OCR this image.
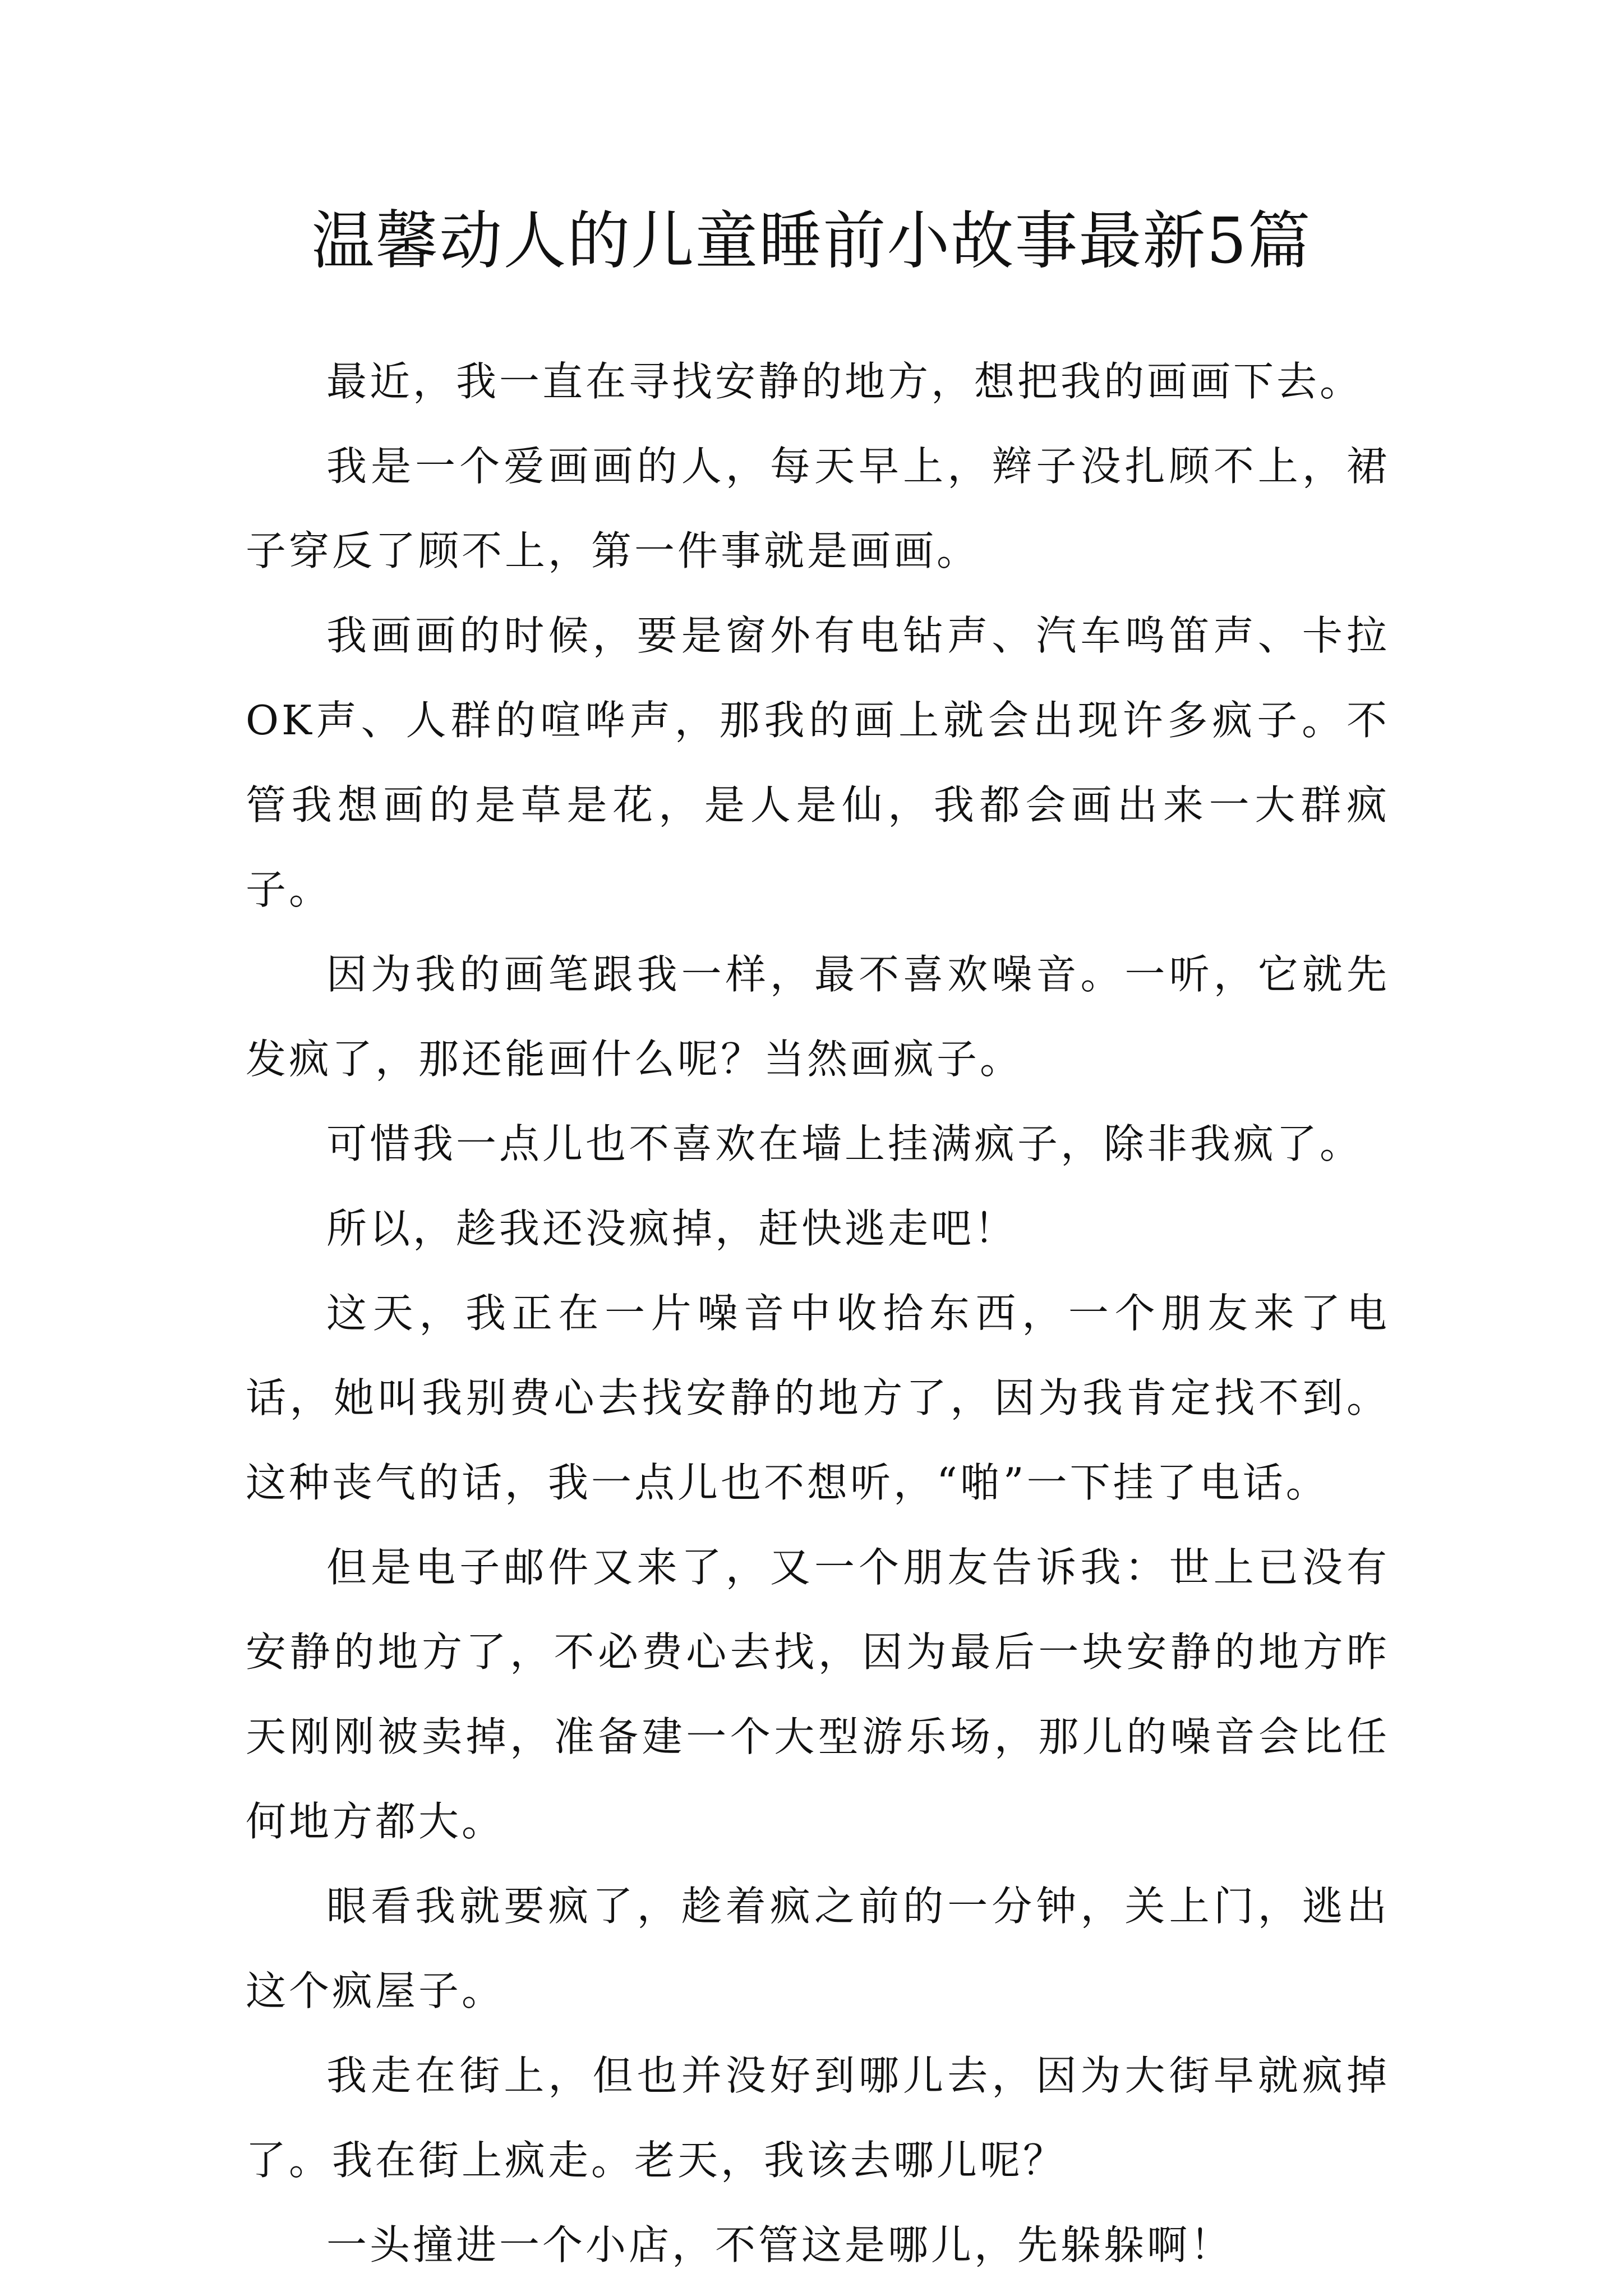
温馨动人的儿童睡前小故事最新5篇

最近，我一直在寻找安静的地方，想把我的画画下去。

我是一个爱画画的人，每天早上，辫子没扎顾不上，裙子穿反了顾不上，第一件事就是画画。

我画画的时候，要是窗外有电钻声、汽车鸣笛声、卡拉OK声、人群的喧哗声，那我的画上就会出现许多疯子。不管我想画的是草是花，是人是仙，我都会画出来一大群疯子。

因为我的画笔跟我一样，最不喜欢噪音。一听，它就先发疯了，那还能画什么呢？当然画疯子。

可惜我一点儿也不喜欢在墙上挂满疯子，除非我疯了。

所以，趁我还没疯掉，赶快逃走吧！

这天，我正在一片噪音中收拾东西，一个朋友来了电话，她叫我别费心去找安静的地方了，因为我肯定找不到。这种丧气的话，我一点儿也不想听，“啪”一下挂了电话。

但是电子邮件又来了，又一个朋友告诉我：世上已没有安静的地方了，不必费心去找，因为最后一块安静的地方昨天刚刚被卖掉，准备建一个大型游乐场，那儿的噪音会比任何地方都大。

眼看我就要疯了，趁着疯之前的一分钟，关上门，逃出这个疯屋子。

我走在街上，但也并没好到哪儿去，因为大街早就疯掉了。我在街上疯走。老天，我该去哪儿呢？

一头撞进一个小店，不管这是哪儿，先躲躲啊！
